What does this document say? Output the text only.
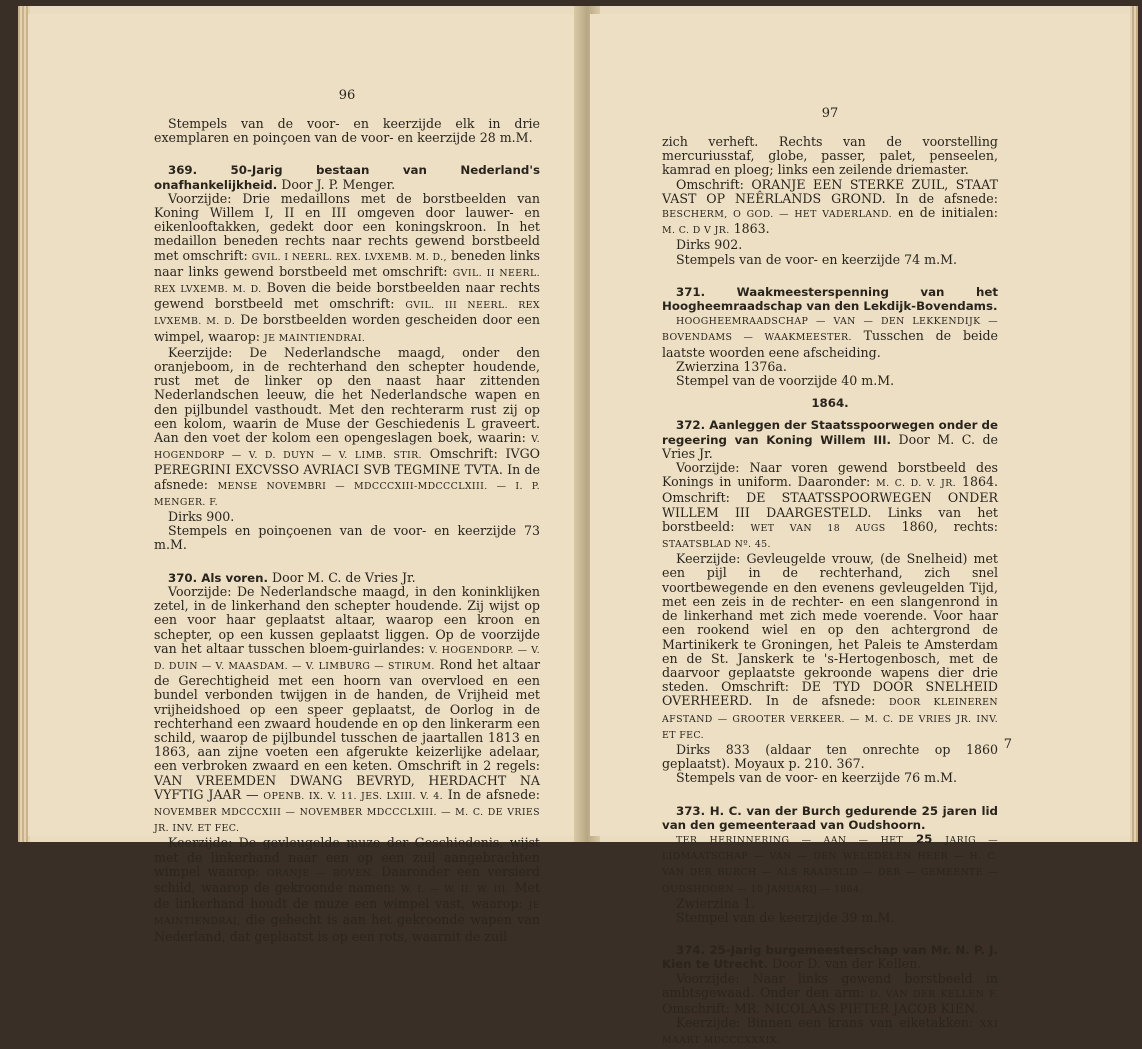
96

Stempels van de voor- en keerzijde elk in drie exemplaren en poinçoen van de voor- en keerzijde 28 m.M.

369. 50-Jarig bestaan van Nederland's onafhankelijkheid. Door J. P. Menger.

Voorzijde: Drie medaillons met de borstbeelden van Koning Willem I, II en III omgeven door lauwer- en eikenlooftakken, gedekt door een koningskroon. In het medaillon beneden rechts naar rechts gewend borstbeeld met omschrift: GVIL. I NEERL. REX. LVXEMB. M. D., beneden links naar links gewend borstbeeld met omschrift: GVIL. II NEERL. REX LVXEMB. M. D. Boven die beide borstbeelden naar rechts gewend borstbeeld met omschrift: GVIL. III NEERL. REX LVXEMB. M. D. De borstbeelden worden gescheiden door een wimpel, waarop: JE MAINTIENDRAI.

Keerzijde: De Nederlandsche maagd, onder den oranjeboom, in de rechterhand den schepter houdende, rust met de linker op den naast haar zittenden Nederlandschen leeuw, die het Nederlandsche wapen en den pijlbundel vasthoudt. Met den rechterarm rust zij op een kolom, waarin de Muse der Geschiedenis L graveert. Aan den voet der kolom een opengeslagen boek, waarin: V. HOGENDORP — V. D. DUYN — V. LIMB. STIR. Omschrift: IVGO PEREGRINI EXCVSSO AVRIACI SVB TEGMINE TVTA. In de afsnede: MENSE NOVEMBRI — MDCCCXIII-MDCCCLXIII. — I. P. MENGER. F.

Dirks 900.

Stempels en poinçoenen van de voor- en keerzijde 73 m.M.

370. Als voren. Door M. C. de Vries Jr.

Voorzijde: De Nederlandsche maagd, in den koninklijken zetel, in de linkerhand den schepter houdende. Zij wijst op een voor haar geplaatst altaar, waarop een kroon en schepter, op een kussen geplaatst liggen. Op de voorzijde van het altaar tusschen bloem-guirlandes: V. HOGENDORP. — V. D. DUIN — V. MAASDAM. — V. LIMBURG — STIRUM. Rond het altaar de Gerechtigheid met een hoorn van overvloed en een bundel verbonden twijgen in de handen, de Vrijheid met vrijheidshoed op een speer geplaatst, de Oorlog in de rechterhand een zwaard houdende en op den linkerarm een schild, waarop de pijlbundel tusschen de jaartallen 1813 en 1863, aan zijne voeten een afgerukte keizerlijke adelaar, een verbroken zwaard en een keten. Omschrift in 2 regels: VAN VREEMDEN DWANG BEVRYD, HERDACHT NA VYFTIG JAAR — OPENB. IX. V. 11. JES. LXIII. V. 4. In de afsnede: NOVEMBER MDCCCXIII — NOVEMBER MDCCCLXIII. — M. C. DE VRIES JR. INV. ET FEC.

Keerzijde: De gevleugelde muze der Geschiedenis, wijst met de linkerhand naar een op een zuil aangebrachten wimpel waarop: ORANJE — BOVEN. Daaronder een versierd schild, waarop de gekroonde namen: W. I. — W. II. W. III. Met de linkerhand houdt de muze een wimpel vast, waarop: JE MAINTIENDRAI, die gehecht is aan het gekroonde wapen van Nederland, dat geplaatst is op een rots, waarnit de zuil

97

zich verheft. Rechts van de voorstelling mercuriusstaf, globe, passer, palet, penseelen, kamrad en ploeg; links een zeilende driemaster.

Omschrift: ORANJE EEN STERKE ZUIL, STAAT VAST OP NEÊRLANDS GROND. In de afsnede: BESCHERM, O GOD. — HET VADERLAND. en de initialen: M. C. D V JR. 1863.

Dirks 902.

Stempels van de voor- en keerzijde 74 m.M.

371. Waakmeesterspenning van het Hoogheemraadschap van den Lekdijk-Bovendams.

HOOGHEEMRAADSCHAP — VAN — DEN LEKKENDIJK — BOVENDAMS — WAAKMEESTER. Tusschen de beide laatste woorden eene afscheiding.

Zwierzina 1376a.

Stempel van de voorzijde 40 m.M.

1864.

372. Aanleggen der Staatsspoorwegen onder de regeering van Koning Willem III. Door M. C. de Vries Jr.

Voorzijde: Naar voren gewend borstbeeld des Konings in uniform. Daaronder: M. C. D. V. JR. 1864. Omschrift: DE STAATSSPOORWEGEN ONDER WILLEM III DAARGESTELD. Links van het borstbeeld: WET VAN 18 AUGS 1860, rechts: STAATSBLAD Nº. 45.

Keerzijde: Gevleugelde vrouw, (de Snelheid) met een pijl in de rechterhand, zich snel voortbewegende en den evenens gevleugelden Tijd, met een zeis in de rechter- en een slangenrond in de linkerhand met zich mede voerende. Voor haar een rookend wiel en op den achtergrond de Martinikerk te Groningen, het Paleis te Amsterdam en de St. Janskerk te 's-Hertogenbosch, met de daarvoor geplaatste gekroonde wapens dier drie steden. Omschrift: DE TYD DOOR SNELHEID OVERHEERD. In de afsnede: DOOR KLEINEREN AFSTAND — GROOTER VERKEER. — M. C. DE VRIES JR. INV. ET FEC.

Dirks 833 (aldaar ten onrechte op 1860 geplaatst). Moyaux p. 210. 367.

Stempels van de voor- en keerzijde 76 m.M.

373. H. C. van der Burch gedurende 25 jaren lid van den gemeenteraad van Oudshoorn.

TER HERINNERING — AAN — HET 25 JARIG — LIDMAATSCHAP — VAN — DEN WELEDELEN HEER — H. C. VAN DER BURCH — ALS RAADSLID — DER — GEMEENTE — OUDSHOORN — 10 JANUARIJ — 1864.

Zwierzina 1.

Stempel van de keerzijde 39 m.M.

374. 25-Jarig burgemeesterschap van Mr. N. P. J. Kien te Utrecht. Door D. van der Kellen.

Voorzijde: Naar links gewend borstbeeld in ambtsgewaad. Onder den arm: D. VAN DER KELLEN F. Omschrift: MR. NICOLAAS PIETER JACOB KIEN.

Keerzijde: Binnen een krans van eiketakken: XXI MAART MDCCCXXXIX.

7
